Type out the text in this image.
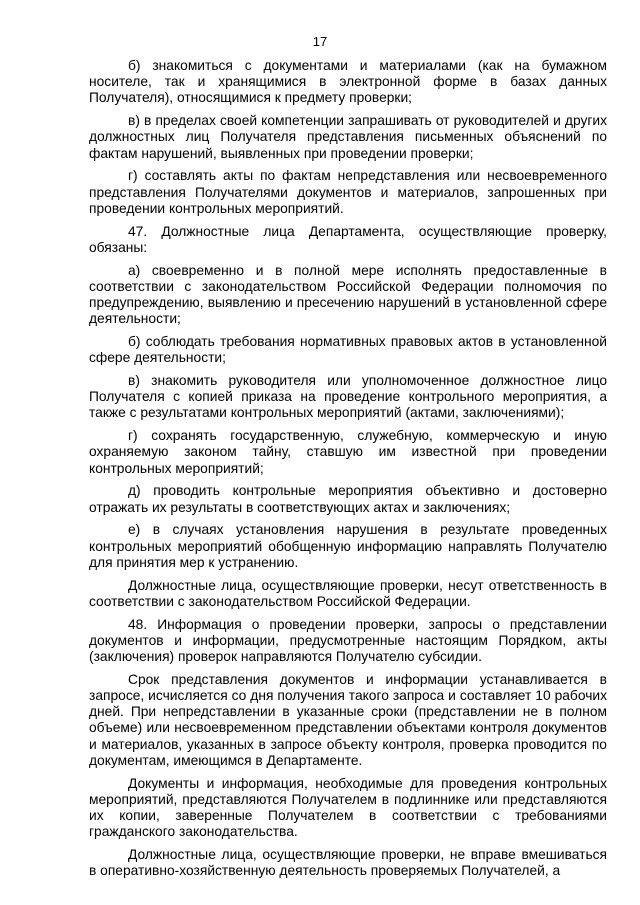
17

б) знакомиться с документами и материалами (как на бумажном носителе, так и хранящимися в электронной форме в базах данных Получателя), относящимися к предмету проверки;

в) в пределах своей компетенции запрашивать от руководителей и других должностных лиц Получателя представления письменных объяснений по фактам нарушений, выявленных при проведении проверки;

г) составлять акты по фактам непредставления или несвоевременного представления Получателями документов и материалов, запрошенных при проведении контрольных мероприятий.

47. Должностные лица Департамента, осуществляющие проверку, обязаны:

а) своевременно и в полной мере исполнять предоставленные в соответствии с законодательством Российской Федерации полномочия по предупреждению, выявлению и пресечению нарушений в установленной сфере деятельности;

б) соблюдать требования нормативных правовых актов в установленной сфере деятельности;

в) знакомить руководителя или уполномоченное должностное лицо Получателя с копией приказа на проведение контрольного мероприятия, а также с результатами контрольных мероприятий (актами, заключениями);

г) сохранять государственную, служебную, коммерческую и иную охраняемую законом тайну, ставшую им известной при проведении контрольных мероприятий;

д) проводить контрольные мероприятия объективно и достоверно отражать их результаты в соответствующих актах и заключениях;

е) в случаях установления нарушения в результате проведенных контрольных мероприятий обобщенную информацию направлять Получателю для принятия мер к устранению.

Должностные лица, осуществляющие проверки, несут ответственность в соответствии с законодательством Российской Федерации.

48. Информация о проведении проверки, запросы о представлении документов и информации, предусмотренные настоящим Порядком, акты (заключения) проверок направляются Получателю субсидии.

Срок представления документов и информации устанавливается в запросе, исчисляется со дня получения такого запроса и составляет 10 рабочих дней. При непредставлении в указанные сроки (представлении не в полном объеме) или несвоевременном представлении объектами контроля документов и материалов, указанных в запросе объекту контроля, проверка проводится по документам, имеющимся в Департаменте.

Документы и информация, необходимые для проведения контрольных мероприятий, представляются Получателем в подлиннике или представляются их копии, заверенные Получателем в соответствии с требованиями гражданского законодательства.

Должностные лица, осуществляющие проверки, не вправе вмешиваться в оперативно-хозяйственную деятельность проверяемых Получателей, а
